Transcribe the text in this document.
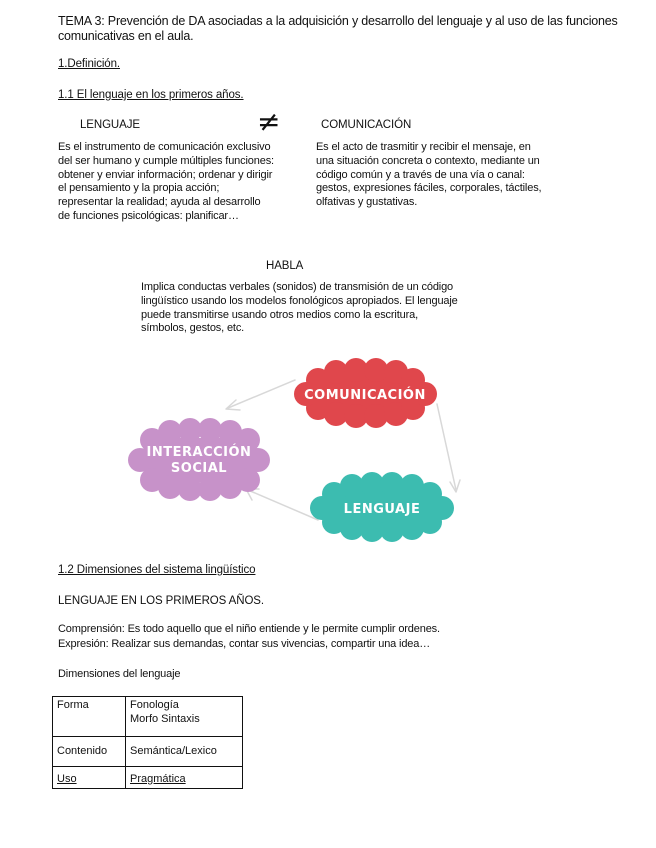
TEMA 3: Prevención de DA asociadas a la adquisición y desarrollo del lenguaje y al uso de las funciones comunicativas en el aula.
1.Definición.
1.1 El lenguaje en los primeros años.
LENGUAJE	≠	COMUNICACIÓN
Es el instrumento de comunicación exclusivo del ser humano y cumple múltiples funciones: obtener y enviar información; ordenar y dirigir el pensamiento y la propia acción; representar la realidad; ayuda al desarrollo de funciones psicológicas: planificar…
Es el acto de trasmitir y recibir el mensaje, en una situación concreta o contexto, mediante un código común y a través de una vía o canal: gestos, expresiones fáciles, corporales, táctiles, olfativas y gustativas.
HABLA
Implica conductas verbales (sonidos) de transmisión de un código lingüístico usando los modelos fonológicos apropiados. El lenguaje puede transmitirse usando otros medios como la escritura, símbolos, gestos, etc.
COMUNICACIÓN
INTERACCIÓN
SOCIAL
LENGUAJE
1.2 Dimensiones del sistema lingüístico
LENGUAJE EN LOS PRIMEROS AÑOS.
Comprensión: Es todo aquello que el niño entiende y le permite cumplir ordenes.
Expresión: Realizar sus demandas, contar sus vivencias, compartir una idea…
Dimensiones del lenguaje
Forma	Fonología
Morfo Sintaxis

Contenido	Semántica/Lexico
Uso	Pragmática
